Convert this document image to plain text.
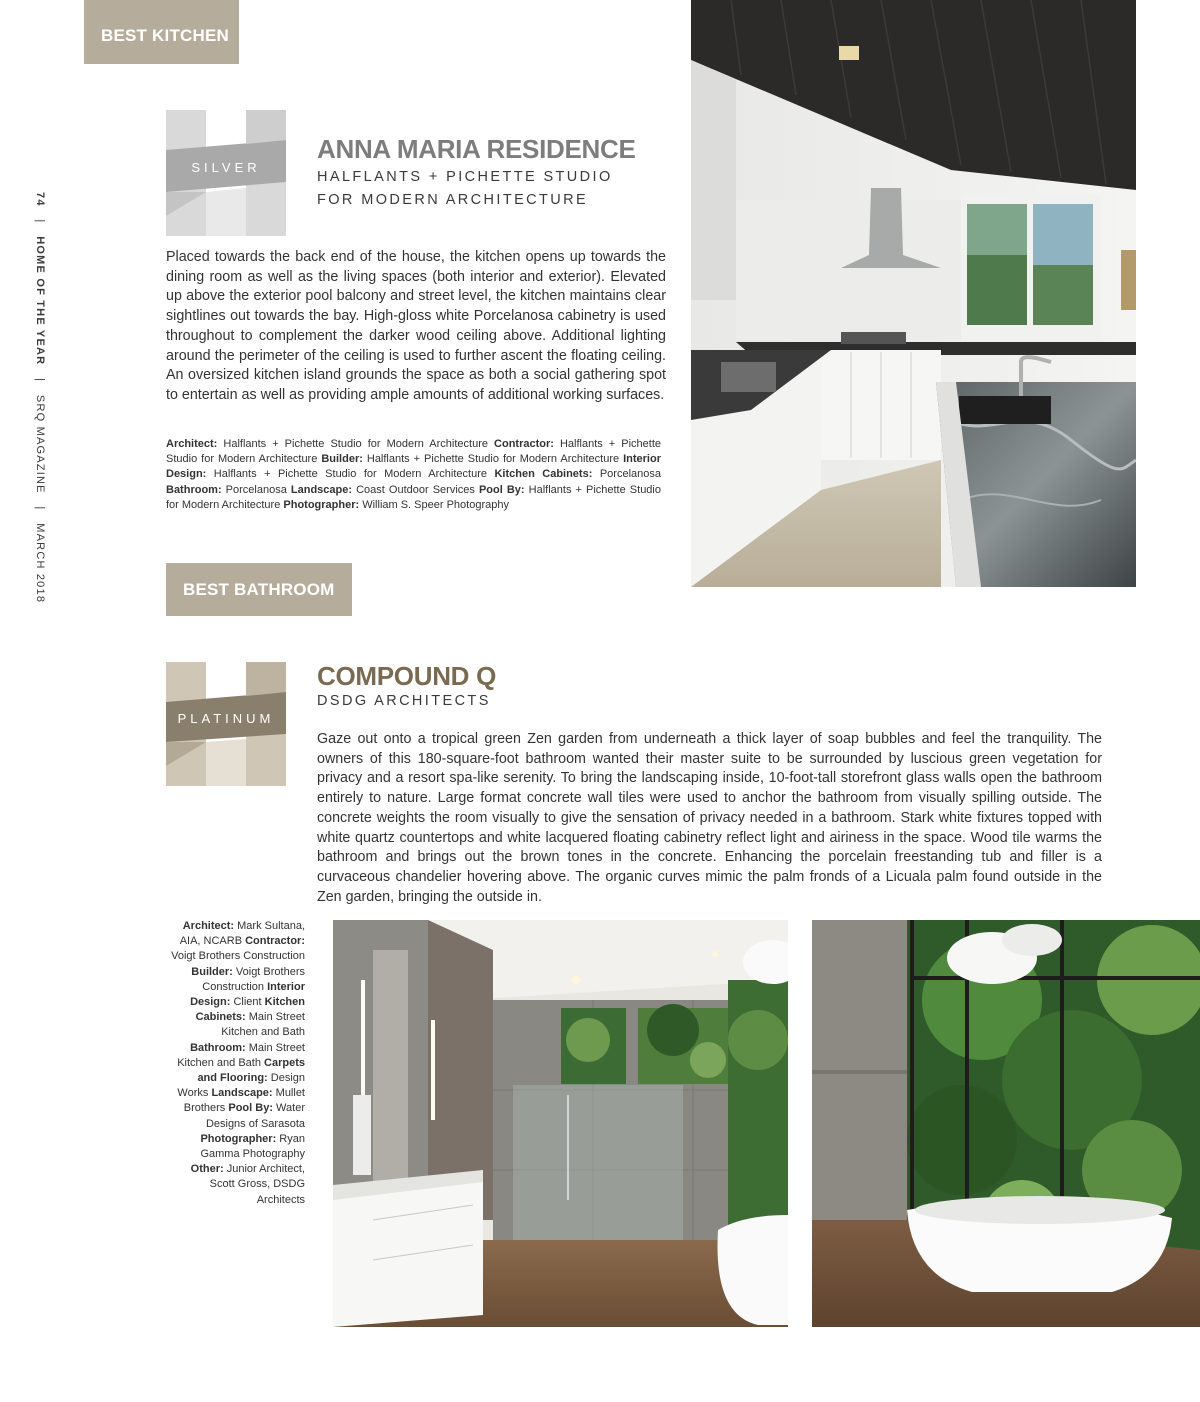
74   |   HOME OF THE YEAR   |   SRQ MAGAZINE   |   MARCH 2018
BEST KITCHEN
SILVER
ANNA MARIA RESIDENCE
HALFLANTS + PICHETTE STUDIO
FOR MODERN ARCHITECTURE
Placed towards the back end of the house, the kitchen opens up towards the dining room as well as the living spaces (both interior and exterior). Elevated up above the exterior pool balcony and street level, the kitchen maintains clear sightlines out towards the bay. High-gloss white Porcelanosa cabinetry is used throughout to complement the darker wood ceiling above. Additional lighting around the perimeter of the ceiling is used to further ascent the floating ceiling. An oversized kitchen island grounds the space as both a social gathering spot to entertain as well as providing ample amounts of additional working surfaces.
Architect: Halflants + Pichette Studio for Modern Architecture Contractor: Halflants + Pichette Studio for Modern Architecture Builder: Halflants + Pichette Studio for Modern Architecture Interior Design: Halflants + Pichette Studio for Modern Architecture Kitchen Cabinets: Porcelanosa Bathroom: Porcelanosa Landscape: Coast Outdoor Services Pool By: Halflants + Pichette Studio for Modern Architecture Photographer: William S. Speer Photography
BEST BATHROOM
PLATINUM
COMPOUND Q
DSDG ARCHITECTS
Gaze out onto a tropical green Zen garden from underneath a thick layer of soap bubbles and feel the tranquility. The owners of this 180-square-foot bathroom wanted their master suite to be surrounded by luscious green vegetation for privacy and a resort spa-like serenity. To bring the landscaping inside, 10-foot-tall storefront glass walls open the bathroom entirely to nature. Large format concrete wall tiles were used to anchor the bathroom from visually spilling outside. The concrete weights the room visually to give the sensation of privacy needed in a bathroom. Stark white fixtures topped with white quartz countertops and white lacquered floating cabinetry reflect light and airiness in the space. Wood tile warms the bathroom and brings out the brown tones in the concrete. Enhancing the porcelain freestanding tub and filler is a curvaceous chandelier hovering above. The organic curves mimic the palm fronds of a Licuala palm found outside in the Zen garden, bringing the outside in.
Architect: Mark Sultana, AIA, NCARB Contractor: Voigt Brothers Construction Builder: Voigt Brothers Construction Interior Design: Client Kitchen Cabinets: Main Street Kitchen and Bath Bathroom: Main Street Kitchen and Bath Carpets and Flooring: Design Works Landscape: Mullet Brothers Pool By: Water Designs of Sarasota Photographer: Ryan Gamma Photography Other: Junior Architect, Scott Gross, DSDG Architects
